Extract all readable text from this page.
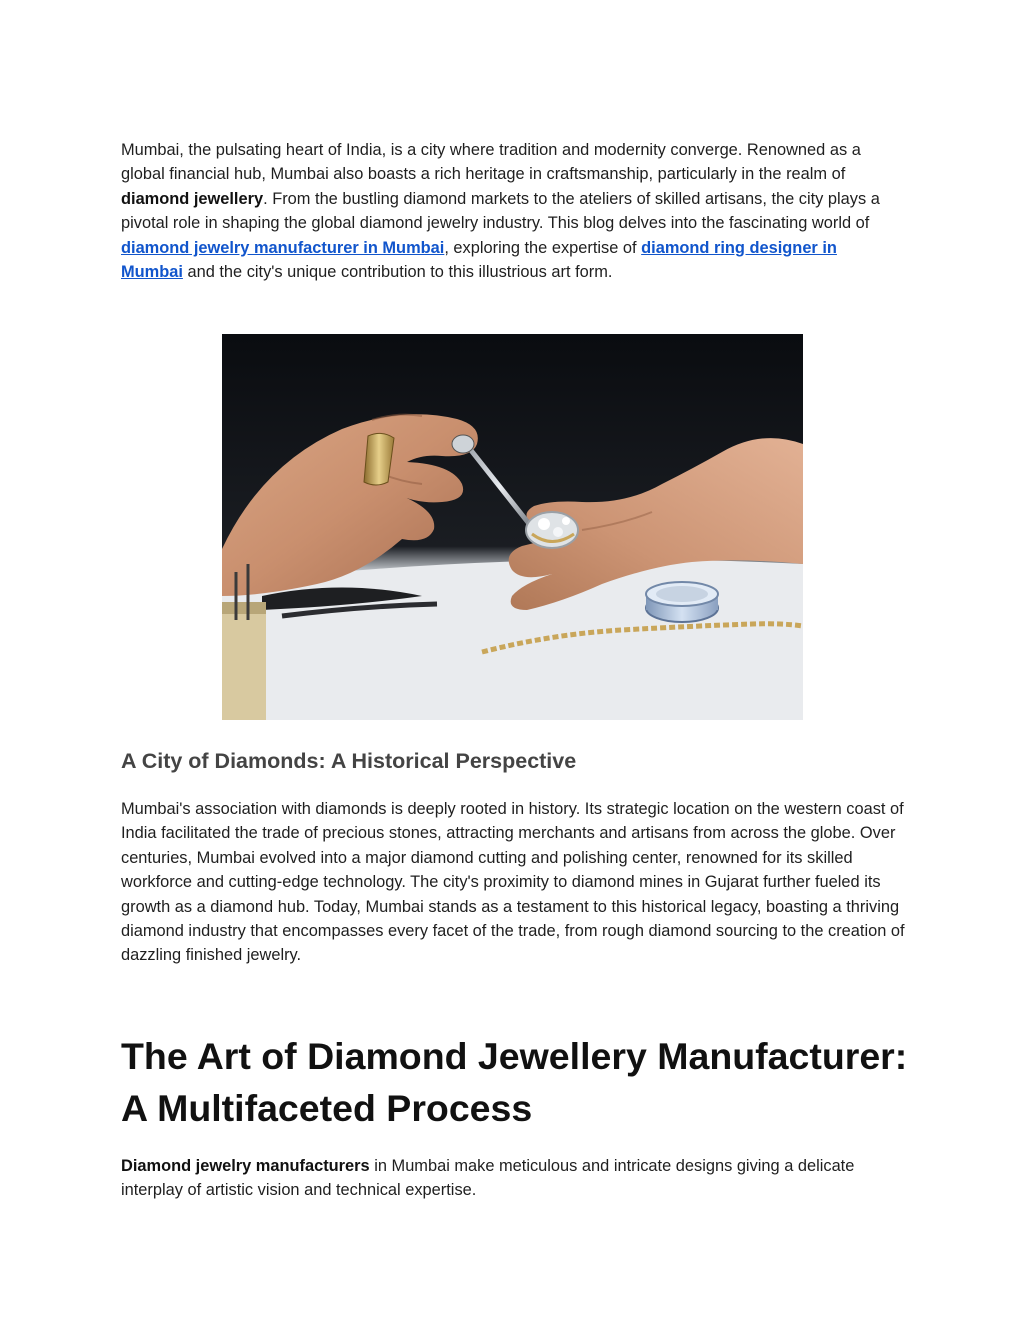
Mumbai, the pulsating heart of India, is a city where tradition and modernity converge. Renowned as a global financial hub, Mumbai also boasts a rich heritage in craftsmanship, particularly in the realm of diamond jewellery. From the bustling diamond markets to the ateliers of skilled artisans, the city plays a pivotal role in shaping the global diamond jewelry industry. This blog delves into the fascinating world of diamond jewelry manufacturer in Mumbai, exploring the expertise of diamond ring designer in Mumbai and the city's unique contribution to this illustrious art form.

A City of Diamonds: A Historical Perspective

Mumbai's association with diamonds is deeply rooted in history. Its strategic location on the western coast of India facilitated the trade of precious stones, attracting merchants and artisans from across the globe. Over centuries, Mumbai evolved into a major diamond cutting and polishing center, renowned for its skilled workforce and cutting-edge technology. The city's proximity to diamond mines in Gujarat further fueled its growth as a diamond hub. Today, Mumbai stands as a testament to this historical legacy, boasting a thriving diamond industry that encompasses every facet of the trade, from rough diamond sourcing to the creation of dazzling finished jewelry.

The Art of Diamond Jewellery Manufacturer: A Multifaceted Process

Diamond jewelry manufacturers in Mumbai make meticulous and intricate designs giving a delicate interplay of artistic vision and technical expertise.
